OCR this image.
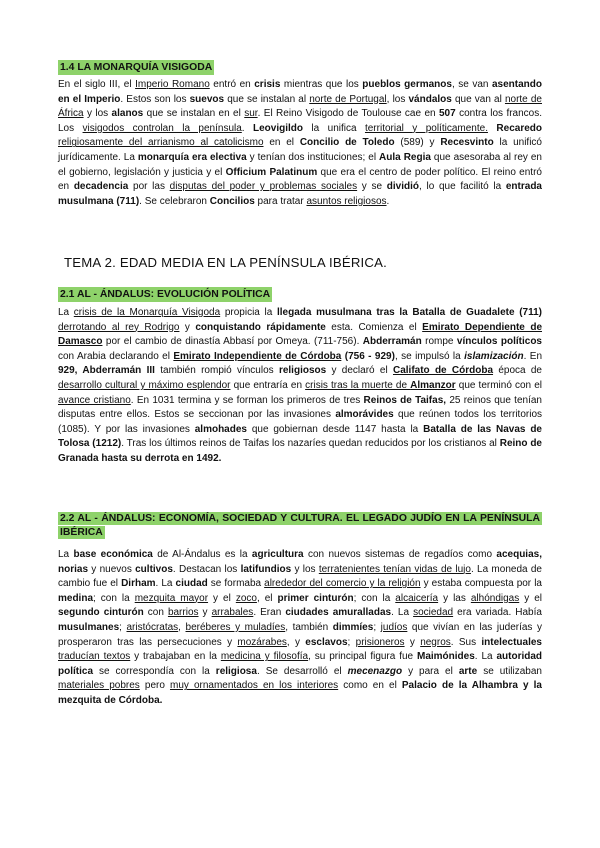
1.4 LA MONARQUÍA VISIGODA

En el siglo III, el Imperio Romano entró en crisis mientras que los pueblos germanos, se van asentando en el Imperio. Estos son los suevos que se instalan al norte de Portugal, los vándalos que van al norte de África y los alanos que se instalan en el sur. El Reino Visigodo de Toulouse cae en 507 contra los francos. Los visigodos controlan la península. Leovigildo la unifica territorial y políticamente. Recaredo religiosamente del arrianismo al catolicismo en el Concilio de Toledo (589) y Recesvinto la unificó jurídicamente. La monarquía era electiva y tenían dos instituciones; el Aula Regia que asesoraba al rey en el gobierno, legislación y justicia y el Officium Palatinum que era el centro de poder político. El reino entró en decadencia por las disputas del poder y problemas sociales y se dividió, lo que facilitó la entrada musulmana (711). Se celebraron Concilios para tratar asuntos religiosos.

TEMA 2. EDAD MEDIA EN LA PENÍNSULA IBÉRICA.
2.1 AL - ÁNDALUS: EVOLUCIÓN POLÍTICA

La crisis de la Monarquía Visigoda propicia la llegada musulmana tras la Batalla de Guadalete (711) derrotando al rey Rodrigo y conquistando rápidamente esta. Comienza el Emirato Dependiente de Damasco por el cambio de dinastía Abbasí por Omeya. (711-756). Abderramán rompe vínculos políticos con Arabia declarando el Emirato Independiente de Córdoba (756 - 929), se impulsó la islamización. En 929, Abderramán III también rompió vínculos religiosos y declaró el Califato de Córdoba época de desarrollo cultural y máximo esplendor que entraría en crisis tras la muerte de Almanzor que terminó con el avance cristiano. En 1031 termina y se forman los primeros de tres Reinos de Taifas, 25 reinos que tenían disputas entre ellos. Estos se seccionan por las invasiones almorávides que reúnen todos los territorios (1085). Y por las invasiones almohades que gobiernan desde 1147 hasta la Batalla de las Navas de Tolosa (1212). Tras los últimos reinos de Taifas los nazaríes quedan reducidos por los cristianos al Reino de Granada hasta su derrota en 1492.

2.2 AL - ÁNDALUS: ECONOMÍA, SOCIEDAD Y CULTURA. EL LEGADO JUDÍO EN LA PENÍNSULA IBÉRICA

La base económica de Al-Ándalus es la agricultura con nuevos sistemas de regadíos como acequias, norias y nuevos cultivos. Destacan los latifundios y los terratenientes tenían vidas de lujo. La moneda de cambio fue el Dirham. La ciudad se formaba alrededor del comercio y la religión y estaba compuesta por la medina; con la mezquita mayor y el zoco, el primer cinturón; con la alcaicería y las alhóndigas y el segundo cinturón con barrios y arrabales. Eran ciudades amuralladas. La sociedad era variada. Había musulmanes; aristócratas, beréberes y muladíes, también dimmíes; judíos que vivían en las juderías y prosperaron tras las persecuciones y mozárabes, y esclavos; prisioneros y negros. Sus intelectuales traducían textos y trabajaban en la medicina y filosofía, su principal figura fue Maimónides. La autoridad política se correspondía con la religiosa. Se desarrolló el mecenazgo y para el arte se utilizaban materiales pobres pero muy ornamentados en los interiores como en el Palacio de la Alhambra y la mezquita de Córdoba.
